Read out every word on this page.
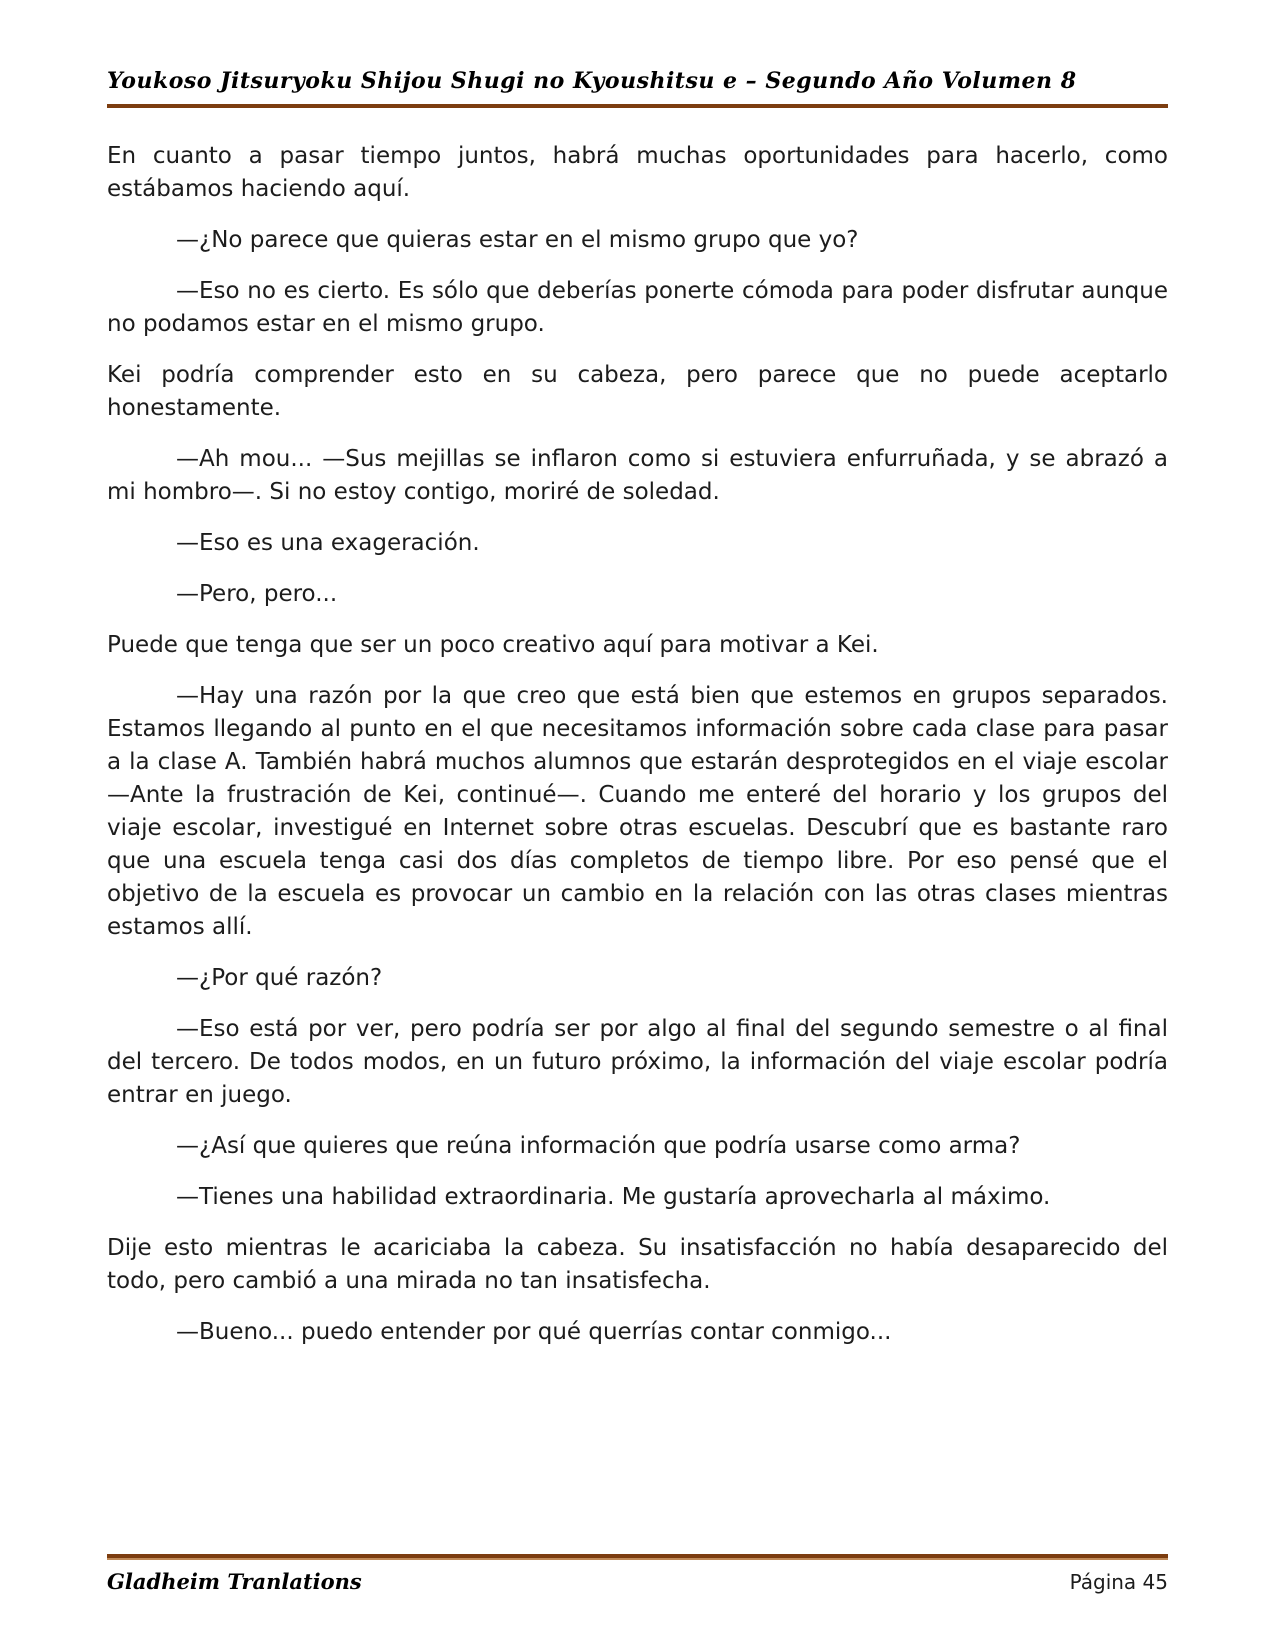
Youkoso Jitsuryoku Shijou Shugi no Kyoushitsu e – Segundo Año Volumen 8

En cuanto a pasar tiempo juntos, habrá muchas oportunidades para hacerlo, como estábamos haciendo aquí.

—¿No parece que quieras estar en el mismo grupo que yo?

—Eso no es cierto. Es sólo que deberías ponerte cómoda para poder disfrutar aunque no podamos estar en el mismo grupo.

Kei podría comprender esto en su cabeza, pero parece que no puede aceptarlo honestamente.

—Ah mou... —Sus mejillas se inflaron como si estuviera enfurruñada, y se abrazó a mi hombro—. Si no estoy contigo, moriré de soledad.

—Eso es una exageración.

—Pero, pero...

Puede que tenga que ser un poco creativo aquí para motivar a Kei.

—Hay una razón por la que creo que está bien que estemos en grupos separados. Estamos llegando al punto en el que necesitamos información sobre cada clase para pasar a la clase A. También habrá muchos alumnos que estarán desprotegidos en el viaje escolar —Ante la frustración de Kei, continué—. Cuando me enteré del horario y los grupos del viaje escolar, investigué en Internet sobre otras escuelas. Descubrí que es bastante raro que una escuela tenga casi dos días completos de tiempo libre. Por eso pensé que el objetivo de la escuela es provocar un cambio en la relación con las otras clases mientras estamos allí.

—¿Por qué razón?

—Eso está por ver, pero podría ser por algo al final del segundo semestre o al final del tercero. De todos modos, en un futuro próximo, la información del viaje escolar podría entrar en juego.

—¿Así que quieres que reúna información que podría usarse como arma?

—Tienes una habilidad extraordinaria. Me gustaría aprovecharla al máximo.

Dije esto mientras le acariciaba la cabeza. Su insatisfacción no había desaparecido del todo, pero cambió a una mirada no tan insatisfecha.

—Bueno... puedo entender por qué querrías contar conmigo...

Gladheim Tranlations	Página 45
